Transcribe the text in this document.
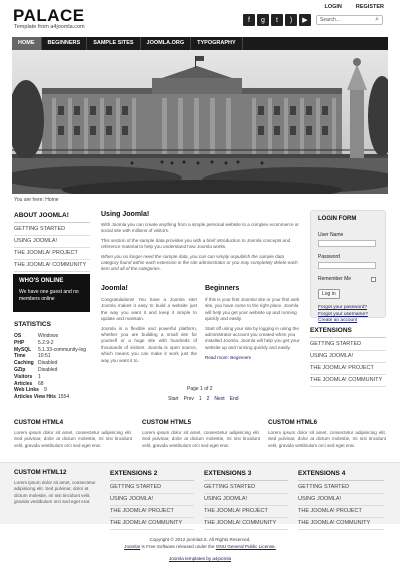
PALACE
Template from a4joomla.com
LOGIN	REGISTER
f	g	t	)	▶	Search...	⌕
HOME	BEGINNERS	SAMPLE SITES	JOOMLA.ORG	TYPOGRAPHY
You are here: Home
ABOUT JOOMLA!
GETTING STARTED
USING JOOMLA!
THE JOOMLA! PROJECT
THE JOOMLA! COMMUNITY
WHO'S ONLINE
We have one guest and no members online
STATISTICS
OS	Windows
PHP	5.2.9-2
MySQL 5.1.33-community-log
Time 10:51
Caching Disabled
GZip	Disabled
Visitors 1
Articles 68
Web Links 9
Articles View Hits 1554
Using Joomla!

With Joomla you can create anything from a simple personal website to a complex ecommerce or social site with millions of visitors.

This section of the sample data provides you with a brief introduction to Joomla concepts and reference material to help you understand how Joomla works.

When you no longer need the sample data, you can can simply unpublish the sample data category found within each extension in the site administrator or you may completely delete each item and all of the categories.

Joomla!

Congratulations! You have a Joomla site! Joomla makes it easy to build a website just the way you want it and keep it simple to update and maintain.

Joomla is a flexible and powerful platform, whether you are building a small site for yourself or a huge site with hundreds of thousands of visitors. Joomla is open source, which means you can make it work just the way you want it to.

Beginners

If this is your first Joomla! site or your first web site, you have come to the right place. Joomla will help you get your website up and running quickly and easily.

Start off using your site by logging in using the administrator account you created when you installed Joomla. Joomla will help you get your website up and running quickly and easily.

Read more: Beginners

Page 1 of 2
Start Prev 1 2 Next End
LOGIN FORM
User Name
Password
Remember Me
Log in
Forgot your password?
Forgot your username?
Create an account
EXTENSIONS
GETTING STARTED
USING JOOMLA!
THE JOOMLA! PROJECT
THE JOOMLA! COMMUNITY
CUSTOM HTML4

Lorem ipsum dolor sit amet, consectetur adipisicing elit. Sed pulvinar, dolor at dictum molestie, mi nisi tincidunt velit, gravida vestibulum orci sed eget erat.

CUSTOM HTML5

Lorem ipsum dolor sit amet, consectetur adipisicing elit. Sed pulvinar, dolor at dictum molestie, mi nisi tincidunt velit, gravida vestibulum orci sed eget erat.

CUSTOM HTML6

Lorem ipsum dolor sit amet, consectetur adipisicing elit. Sed pulvinar, dolor at dictum molestie, mi nisi tincidunt velit, gravida vestibulum orci sed eget erat.

CUSTOM HTML12

Lorem ipsum dolor sit amet, consectetur adipisicing elit. Sed pulvinar, dolor at dictum molestie, mi nisi tincidunt velit, gravida vestibulum orci sed eget erat.

EXTENSIONS 2
GETTING STARTED
USING JOOMLA!
THE JOOMLA! PROJECT
THE JOOMLA! COMMUNITY
EXTENSIONS 3
GETTING STARTED
USING JOOMLA!
THE JOOMLA! PROJECT
THE JOOMLA! COMMUNITY
EXTENSIONS 4
GETTING STARTED
USING JOOMLA!
THE JOOMLA! PROJECT
THE JOOMLA! COMMUNITY
Copyright © 2012 joomla2.5. All Rights Reserved.
Joomla! is Free Software released under the GNU General Public License.
Joomla templates by a4joomla
